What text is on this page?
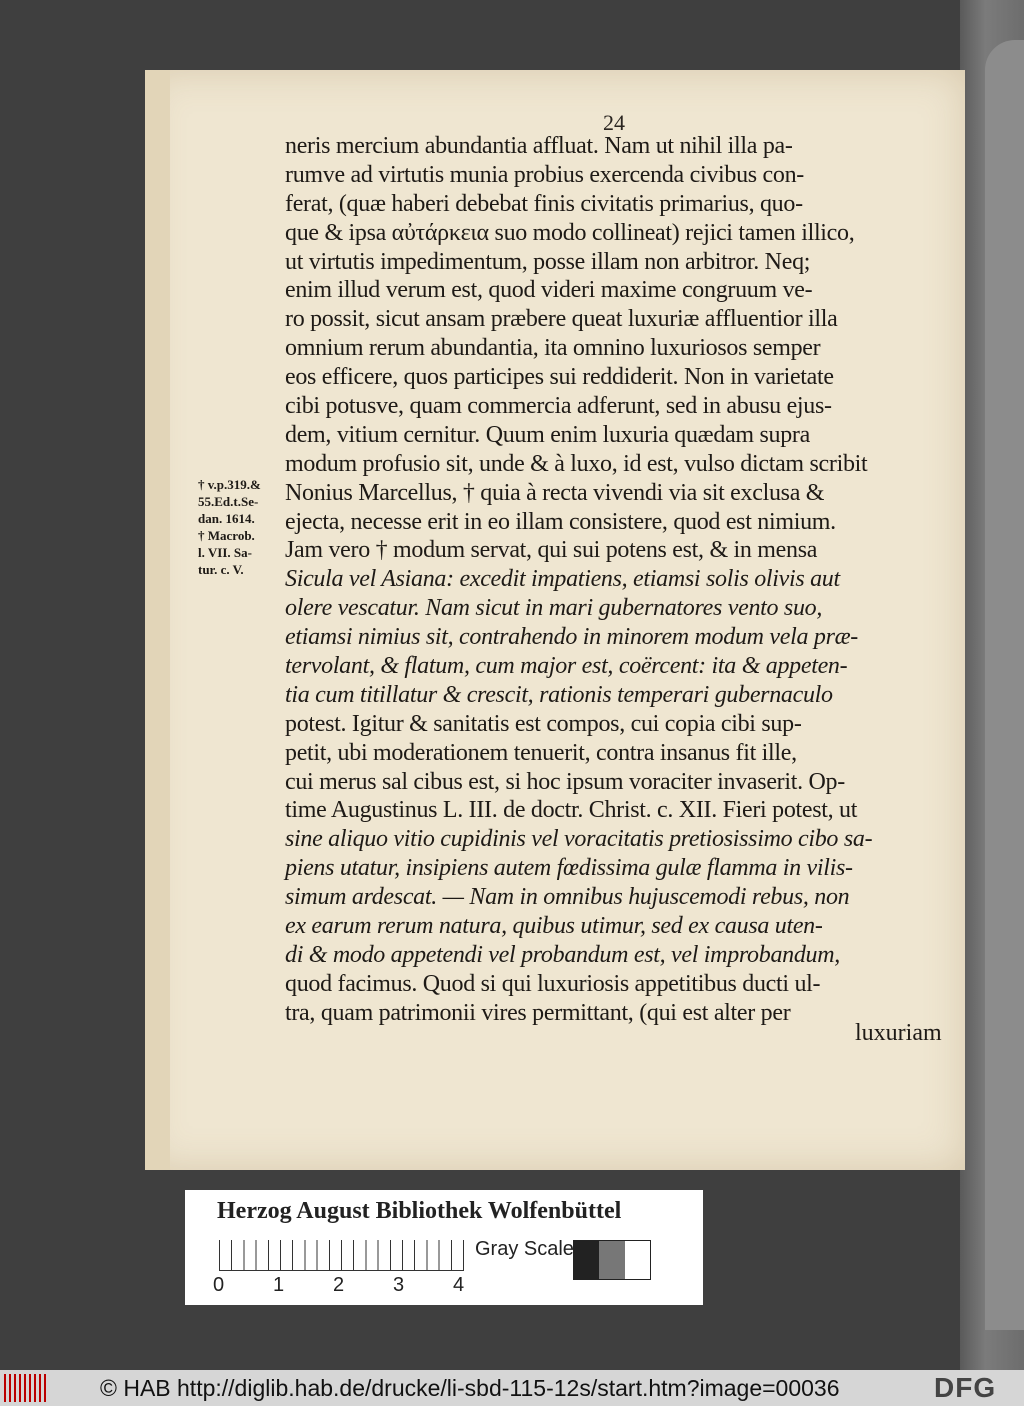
24
neris mercium abundantia affluat. Nam ut nihil illa pa-
rumve ad virtutis munia probius exercenda civibus con-
ferat, (quæ haberi debebat finis civitatis primarius, quo-
que & ipsa αὐτάρκεια suo modo collineat) rejici tamen illico,
ut virtutis impedimentum, posse illam non arbitror. Neq;
enim illud verum est, quod videri maxime congruum ve-
ro possit, sicut ansam præbere queat luxuriæ affluentior illa
omnium rerum abundantia, ita omnino luxuriosos semper
eos efficere, quos participes sui reddiderit. Non in varietate
cibi potusve, quam commercia adferunt, sed in abusu ejus-
dem, vitium cernitur. Quum enim luxuria quædam supra
modum profusio sit, unde & à luxo, id est, vulso dictam scribit
Nonius Marcellus, † quia à recta vivendi via sit exclusa &
ejecta, necesse erit in eo illam consistere, quod est nimium.
Jam vero † modum servat, qui sui potens est, & in mensa
Sicula vel Asiana: excedit impatiens, etiamsi solis olivis aut
olere vescatur. Nam sicut in mari gubernatores vento suo,
etiamsi nimius sit, contrahendo in minorem modum vela præ-
tervolant, & flatum, cum major est, coërcent: ita & appeten-
tia cum titillatur & crescit, rationis temperari gubernaculo
potest. Igitur & sanitatis est compos, cui copia cibi sup-
petit, ubi moderationem tenuerit, contra insanus fit ille,
cui merus sal cibus est, si hoc ipsum voraciter invaserit. Op-
time Augustinus L. III. de doctr. Christ. c. XII. Fieri potest, ut
sine aliquo vitio cupidinis vel voracitatis pretiosissimo cibo sa-
piens utatur, insipiens autem fœdissima gulæ flamma in vilis-
simum ardescat. — Nam in omnibus hujuscemodi rebus, non
ex earum rerum natura, quibus utimur, sed ex causa uten-
di & modo appetendi vel probandum est, vel improbandum,
quod facimus. Quod si qui luxuriosis appetitibus ducti ul-
tra, quam patrimonii vires permittant, (qui est alter per
luxuriam
† v.p.319.&
55.Ed.t.Se-
dan. 1614.
† Macrob.
l. VII. Sa-
tur. c. V.
Herzog August Bibliothek Wolfenbüttel
0 1 2 3 4
Gray Scale
© HAB http://diglib.hab.de/drucke/li-sbd-115-12s/start.htm?image=00036	DFG
